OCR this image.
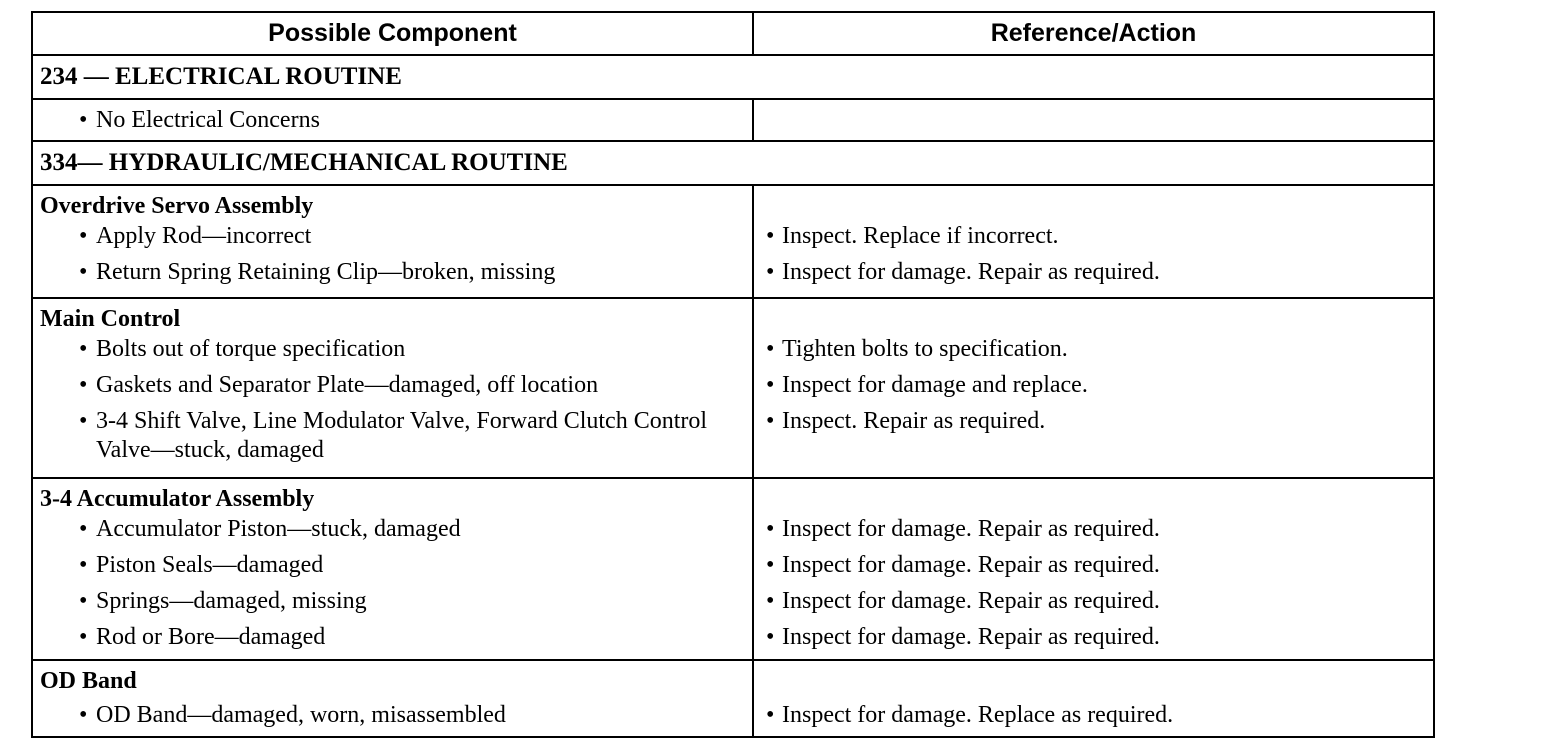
Possible Component	Reference/Action
234 — ELECTRICAL ROUTINE
• No Electrical Concerns
334— HYDRAULIC/MECHANICAL ROUTINE
Overdrive Servo Assembly
• Apply Rod—incorrect
• Return Spring Retaining Clip—broken, missing
• Inspect. Replace if incorrect.
• Inspect for damage. Repair as required.
Main Control
• Bolts out of torque specification
• Gaskets and Separator Plate—damaged, off location
• 3-4 Shift Valve, Line Modulator Valve, Forward Clutch Control Valve—stuck, damaged
• Tighten bolts to specification.
• Inspect for damage and replace.
• Inspect. Repair as required.
3-4 Accumulator Assembly
• Accumulator Piston—stuck, damaged
• Piston Seals—damaged
• Springs—damaged, missing
• Rod or Bore—damaged
• Inspect for damage. Repair as required.
• Inspect for damage. Repair as required.
• Inspect for damage. Repair as required.
• Inspect for damage. Repair as required.
OD Band
• OD Band—damaged, worn, misassembled	• Inspect for damage. Replace as required.
